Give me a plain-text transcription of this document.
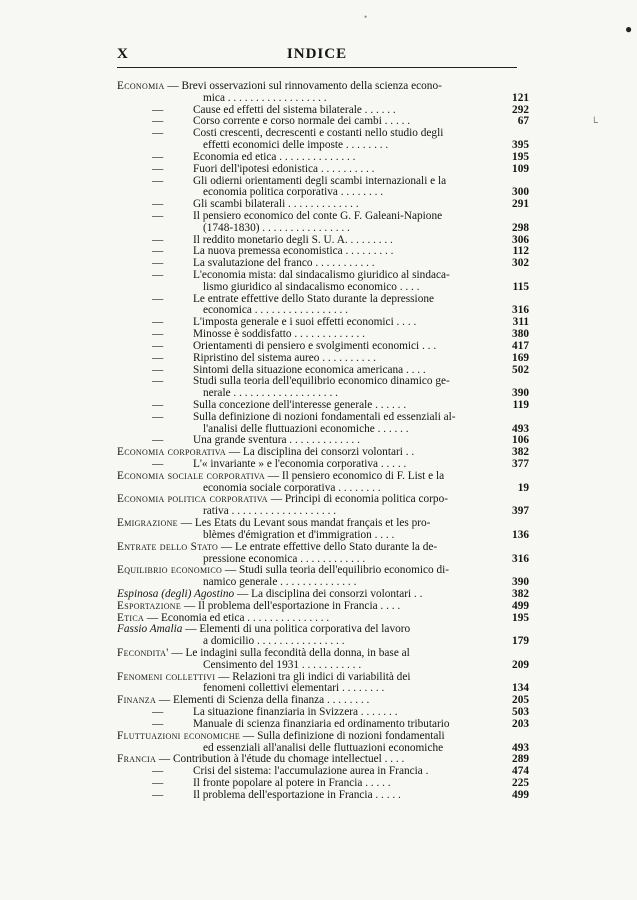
X	INDICE
•
●
ᒪ
Economia — Brevi osservazioni sul rinnovamento della scienza econo-
mica . . . . . . . . . . . . . . . . . .	121
—	Cause ed effetti del sistema bilaterale . . . . . .	292
—	Corso corrente e corso normale dei cambi . . . . .	67
—	Costi crescenti, decrescenti e costanti nello studio degli
effetti economici delle imposte . . . . . . . .	395
—	Economia ed etica . . . . . . . . . . . . . .	195
—	Fuori dell'ipotesi edonistica . . . . . . . . . .	109
—	Gli odierni orientamenti degli scambi internazionali e la
economia politica corporativa . . . . . . . .	300
—	Gli scambi bilaterali . . . . . . . . . . . . .	291
—	Il pensiero economico del conte G. F. Galeani-Napione
(1748-1830) . . . . . . . . . . . . . . . .	298
—	Il reddito monetario degli S. U. A. . . . . . . . .	306
—	La nuova premessa economistica . . . . . . . . .	112
—	La svalutazione del franco . . . . . . . . . . .	302
—	L'economia mista: dal sindacalismo giuridico al sindaca-
lismo giuridico al sindacalismo economico . . . .	115
—	Le entrate effettive dello Stato durante la depressione
economica . . . . . . . . . . . . . . . . .	316
—	L'imposta generale e i suoi effetti economici . . . .	311
—	Minosse è soddisfatto . . . . . . . . . . . . .	380
—	Orientamenti di pensiero e svolgimenti economici . . .	417
—	Ripristino del sistema aureo . . . . . . . . . .	169
—	Sintomi della situazione economica americana . . . .	502
—	Studi sulla teoria dell'equilibrio economico dinamico ge-
nerale . . . . . . . . . . . . . . . . . . .	390
—	Sulla concezione dell'interesse generale . . . . . .	119
—	Sulla definizione di nozioni fondamentali ed essenziali al-
l'analisi delle fluttuazioni economiche . . . . . .	493
—	Una grande sventura . . . . . . . . . . . . .	106
Economia corporativa — La disciplina dei consorzi volontari . .	382
—	L'« invariante » e l'economia corporativa . . . . .	377
Economia sociale corporativa — Il pensiero economico di F. List e la
economia sociale corporativa . . . . . . . .	19
Economia politica corporativa — Principi di economia politica corpo-
rativa . . . . . . . . . . . . . . . . . . .	397
Emigrazione — Les Etats du Levant sous mandat français et les pro-
blèmes d'émigration et d'immigration . . . .	136
Entrate dello Stato — Le entrate effettive dello Stato durante la de-
pressione economica . . . . . . . . . . . .	316
Equilibrio economico — Studi sulla teoria dell'equilibrio economico di-
namico generale . . . . . . . . . . . . . .	390
Espinosa (degli) Agostino — La disciplina dei consorzi volontari . .	382
Esportazione — Il problema dell'esportazione in Francia . . . .	499
Etica — Economia ed etica . . . . . . . . . . . . . . .	195
Fassio Amalia — Elementi di una politica corporativa del lavoro
a domicilio . . . . . . . . . . . . . . . .	179
Fecondita' — Le indagini sulla fecondità della donna, in base al
Censimento del 1931 . . . . . . . . . . .	209
Fenomeni collettivi — Relazioni tra gli indici di variabilità dei
fenomeni collettivi elementari . . . . . . . .	134
Finanza — Elementi di Scienza della finanza . . . . . . . .	205
—	La situazione finanziaria in Svizzera . . . . . . .	503
—	Manuale di scienza finanziaria ed ordinamento tributario	203
Fluttuazioni economiche — Sulla definizione di nozioni fondamentali
ed essenziali all'analisi delle fluttuazioni economiche	493
Francia — Contribution à l'étude du chomage intellectuel . . . .	289
—	Crisi del sistema: l'accumulazione aurea in Francia .	474
—	Il fronte popolare al potere in Francia . . . . .	225
—	Il problema dell'esportazione in Francia . . . . .	499
